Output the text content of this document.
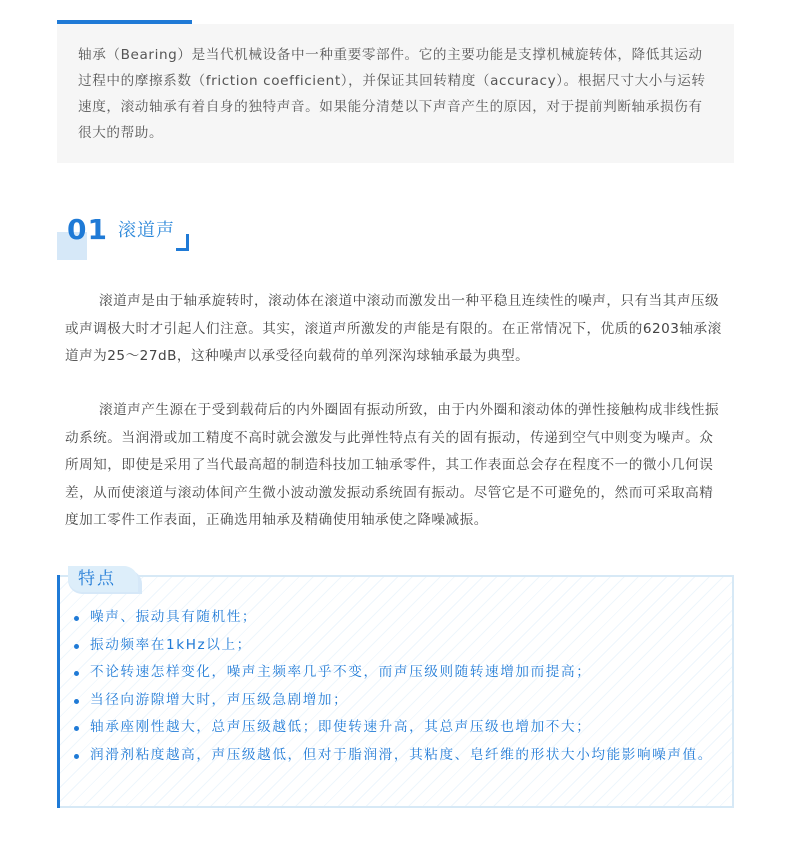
轴承（Bearing）是当代机械设备中一种重要零部件。它的主要功能是支撑机械旋转体，降低其运动过程中的摩擦系数（friction coefficient），并保证其回转精度（accuracy）。根据尺寸大小与运转速度，滚动轴承有着自身的独特声音。如果能分清楚以下声音产生的原因，对于提前判断轴承损伤有很大的帮助。
01 滚道声

滚道声是由于轴承旋转时，滚动体在滚道中滚动而激发出一种平稳且连续性的噪声，只有当其声压级或声调极大时才引起人们注意。其实，滚道声所激发的声能是有限的。在正常情况下，优质的6203轴承滚道声为25～27dB，这种噪声以承受径向载荷的单列深沟球轴承最为典型。

滚道声产生源在于受到载荷后的内外圈固有振动所致，由于内外圈和滚动体的弹性接触构成非线性振动系统。当润滑或加工精度不高时就会激发与此弹性特点有关的固有振动，传递到空气中则变为噪声。众所周知，即使是采用了当代最高超的制造科技加工轴承零件，其工作表面总会存在程度不一的微小几何误差，从而使滚道与滚动体间产生微小波动激发振动系统固有振动。尽管它是不可避免的，然而可采取高精度加工零件工作表面，正确选用轴承及精确使用轴承使之降噪减振。

特点
噪声、振动具有随机性；
振动频率在1kHz以上；
不论转速怎样变化，噪声主频率几乎不变，而声压级则随转速增加而提高；
当径向游隙增大时，声压级急剧增加；
轴承座刚性越大，总声压级越低；即使转速升高，其总声压级也增加不大；
润滑剂粘度越高，声压级越低，但对于脂润滑，其粘度、皂纤维的形状大小均能影响噪声值。
